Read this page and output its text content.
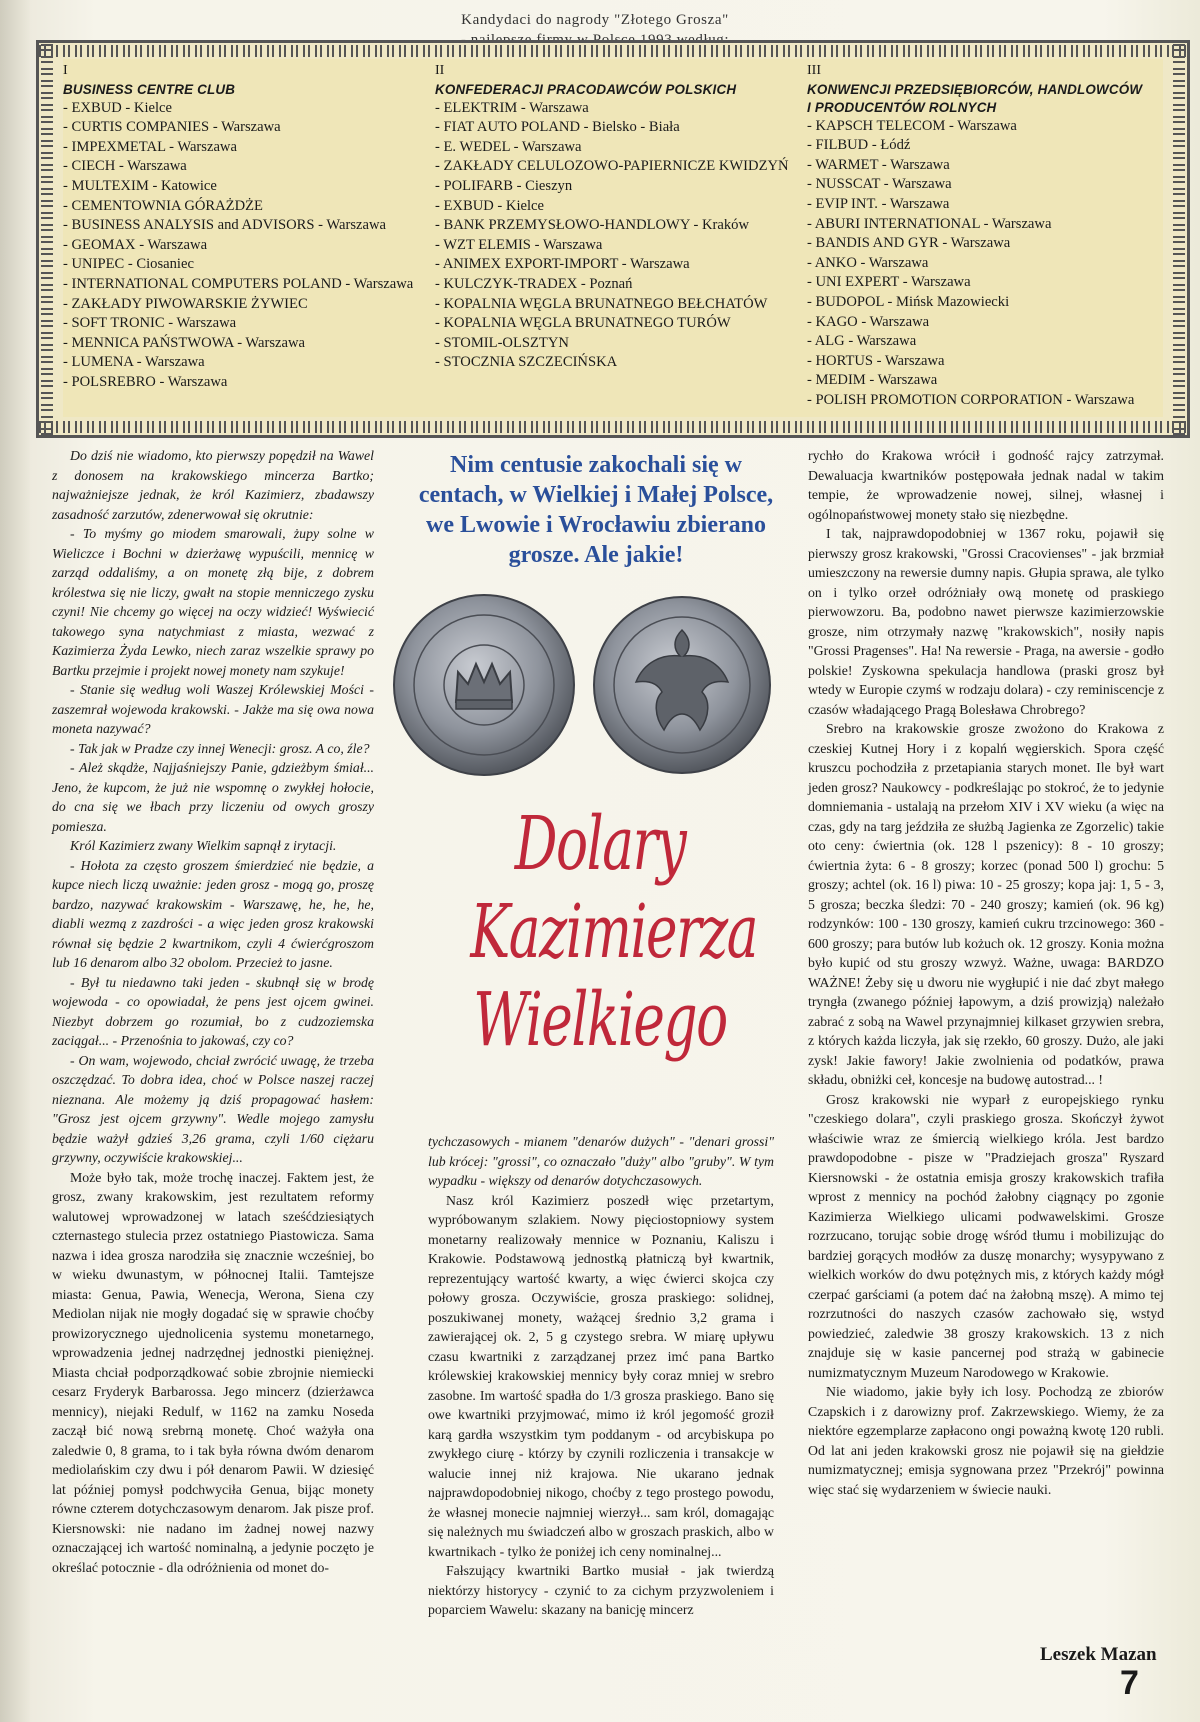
Kandydaci do nagrody "Złotego Grosza"
I
BUSINESS CENTRE CLUB
- EXBUD - Kielce
- CURTIS COMPANIES - Warszawa
- IMPEXMETAL - Warszawa
- CIECH - Warszawa
- MULTEXIM - Katowice
- CEMENTOWNIA GÓRAŻDŻE
- BUSINESS ANALYSIS and ADVISORS - Warszawa
- GEOMAX - Warszawa
- UNIPEC - Ciosaniec
- INTERNATIONAL COMPUTERS POLAND - Warszawa
- ZAKŁADY PIWOWARSKIE ŻYWIEC
- SOFT TRONIC - Warszawa
- MENNICA PAŃSTWOWA - Warszawa
- LUMENA - Warszawa
- POLSREBRO - Warszawa
II
KONFEDERACJI PRACODAWCÓW POLSKICH
- ELEKTRIM - Warszawa
- FIAT AUTO POLAND - Bielsko - Biała
- E. WEDEL - Warszawa
- ZAKŁADY CELULOZOWO-PAPIERNICZE KWIDZYŃ
- POLIFARB - Cieszyn
- EXBUD - Kielce
- BANK PRZEMYSŁOWO-HANDLOWY - Kraków
- WZT ELEMIS - Warszawa
- ANIMEX EXPORT-IMPORT - Warszawa
- KULCZYK-TRADEX - Poznań
- KOPALNIA WĘGLA BRUNATNEGO BEŁCHATÓW
- KOPALNIA WĘGLA BRUNATNEGO TURÓW
- STOMIL-OLSZTYN
- STOCZNIA SZCZECIŃSKA
III
KONWENCJI PRZEDSIĘBIORCÓW, HANDLOWCÓW
I PRODUCENTÓW ROLNYCH
- KAPSCH TELECOM - Warszawa
- FILBUD - Łódź
- WARMET - Warszawa
- NUSSCAT - Warszawa
- EVIP INT. - Warszawa
- ABURI INTERNATIONAL - Warszawa
- BANDIS AND GYR - Warszawa
- ANKO - Warszawa
- UNI EXPERT - Warszawa
- BUDOPOL - Mińsk Mazowiecki
- KAGO - Warszawa
- ALG - Warszawa
- HORTUS - Warszawa
- MEDIM - Warszawa
- POLISH PROMOTION CORPORATION - Warszawa

Do dziś nie wiadomo, kto pierwszy popędził na Wawel z donosem na krakowskiego mincerza Bartko; najważniejsze jednak, że król Kazimierz, zbadawszy zasadność zarzutów, zdenerwował się okrutnie:

- To myśmy go miodem smarowali, żupy solne w Wieliczce i Bochni w dzierżawę wypuścili, mennicę w zarząd oddaliśmy, a on monetę złą bije, z dobrem królestwa się nie liczy, gwałt na stopie menniczego zysku czyni! Nie chcemy go więcej na oczy widzieć! Wyświecić takowego syna natychmiast z miasta, wezwać z Kazimierza Żyda Lewko, niech zaraz wszelkie sprawy po Bartku przejmie i projekt nowej monety nam szykuje!

- Stanie się według woli Waszej Królewskiej Mości - zaszemrał wojewoda krakowski. - Jakże ma się owa nowa moneta nazywać?

- Tak jak w Pradze czy innej Wenecji: grosz. A co, źle?

- Ależ skądże, Najjaśniejszy Panie, gdzieżbym śmiał... Jeno, że kupcom, że już nie wspomnę o zwykłej hołocie, do cna się we łbach przy liczeniu od owych groszy pomiesza.

Król Kazimierz zwany Wielkim sapnął z irytacji.

- Hołota za często groszem śmierdzieć nie będzie, a kupce niech liczą uważnie: jeden grosz - mogą go, proszę bardzo, nazywać krakowskim - Warszawę, he, he, he, diabli wezmą z zazdrości - a więc jeden grosz krakowski równał się będzie 2 kwartnikom, czyli 4 ćwierćgroszom lub 16 denarom albo 32 obolom. Przecież to jasne.

- Był tu niedawno taki jeden - skubnął się w brodę wojewoda - co opowiadał, że pens jest ojcem gwinei. Niezbyt dobrzem go rozumiał, bo z cudzoziemska zaciągał... - Przenośnia to jakowaś, czy co?

- On wam, wojewodo, chciał zwrócić uwagę, że trzeba oszczędzać. To dobra idea, choć w Polsce naszej raczej nieznana. Ale możemy ją dziś propagować hasłem: "Grosz jest ojcem grzywny". Wedle mojego zamysłu będzie ważył gdzieś 3,26 grama, czyli 1/60 ciężaru grzywny, oczywiście krakowskiej...

Może było tak, może trochę inaczej. Faktem jest, że grosz, zwany krakowskim, jest rezultatem reformy walutowej wprowadzonej w latach sześćdziesiątych czternastego stulecia przez ostatniego Piastowicza. Sama nazwa i idea grosza narodziła się znacznie wcześniej, bo w wieku dwunastym, w północnej Italii. Tamtejsze miasta: Genua, Pawia, Wenecja, Werona, Siena czy Mediolan nijak nie mogły dogadać się w sprawie choćby prowizorycznego ujednolicenia systemu monetarnego, wprowadzenia jednej nadrzędnej jednostki pieniężnej. Miasta chciał podporządkować sobie zbrojnie niemiecki cesarz Fryderyk Barbarossa. Jego mincerz (dzierżawca mennicy), niejaki Redulf, w 1162 na zamku Noseda zaczął bić nową srebrną monetę. Choć ważyła ona zaledwie 0, 8 grama, to i tak była równa dwóm denarom mediolańskim czy dwu i pół denarom Pawii. W dziesięć lat później pomysł podchwyciła Genua, bijąc monety równe czterem dotychczasowym denarom. Jak pisze prof. Kiersnowski: nie nadano im żadnej nowej nazwy oznaczającej ich wartość nominalną, a jedynie poczęto je określać potocznie - dla odróżnienia od monet do-

Nim centusie zakochali się w centach, w Wielkiej i Małej Polsce, we Lwowie i Wrocławiu zbierano grosze. Ale jakie!
Dolary
Kazimierza
Wielkiego

tychczasowych - mianem "denarów dużych" - "denari grossi" lub krócej: "grossi", co oznaczało "duży" albo "gruby". W tym wypadku - większy od denarów dotychczasowych.

Nasz król Kazimierz poszedł więc przetartym, wypróbowanym szlakiem. Nowy pięciostopniowy system monetarny realizowały mennice w Poznaniu, Kaliszu i Krakowie. Podstawową jednostką płatniczą był kwartnik, reprezentujący wartość kwarty, a więc ćwierci skojca czy połowy grosza. Oczywiście, grosza praskiego: solidnej, poszukiwanej monety, ważącej średnio 3,2 grama i zawierającej ok. 2, 5 g czystego srebra. W miarę upływu czasu kwartniki z zarządzanej przez imć pana Bartko królewskiej krakowskiej mennicy były coraz mniej w srebro zasobne. Im wartość spadła do 1/3 grosza praskiego. Bano się owe kwartniki przyjmować, mimo iż król jegomość groził karą gardła wszystkim tym poddanym - od arcybiskupa po zwykłego ciurę - którzy by czynili rozliczenia i transakcje w walucie innej niż krajowa. Nie ukarano jednak najprawdopodobniej nikogo, choćby z tego prostego powodu, że własnej monecie najmniej wierzył... sam król, domagając się należnych mu świadczeń albo w groszach praskich, albo w kwartnikach - tylko że poniżej ich ceny nominalnej...

Fałszujący kwartniki Bartko musiał - jak twierdzą niektórzy historycy - czynić to za cichym przyzwoleniem i poparciem Wawelu: skazany na banicję mincerz

rychło do Krakowa wrócił i godność rajcy zatrzymał. Dewaluacja kwartników postępowała jednak nadal w takim tempie, że wprowadzenie nowej, silnej, własnej i ogólnopaństwowej monety stało się niezbędne.

I tak, najprawdopodobniej w 1367 roku, pojawił się pierwszy grosz krakowski, "Grossi Cracovienses" - jak brzmiał umieszczony na rewersie dumny napis. Głupia sprawa, ale tylko on i tylko orzeł odróżniały ową monetę od praskiego pierwowzoru. Ba, podobno nawet pierwsze kazimierzowskie grosze, nim otrzymały nazwę "krakowskich", nosiły napis "Grossi Pragenses". Ha! Na rewersie - Praga, na awersie - godło polskie! Zyskowna spekulacja handlowa (praski grosz był wtedy w Europie czymś w rodzaju dolara) - czy reminiscencje z czasów władającego Pragą Bolesława Chrobrego?

Srebro na krakowskie grosze zwożono do Krakowa z czeskiej Kutnej Hory i z kopalń węgierskich. Spora część kruszcu pochodziła z przetapiania starych monet. Ile był wart jeden grosz? Naukowcy - podkreślając po stokroć, że to jedynie domniemania - ustalają na przełom XIV i XV wieku (a więc na czas, gdy na targ jeździła ze służbą Jagienka ze Zgorzelic) takie oto ceny: ćwiertnia (ok. 128 l pszenicy): 8 - 10 groszy; ćwiertnia żyta: 6 - 8 groszy; korzec (ponad 500 l) grochu: 5 groszy; achtel (ok. 16 l) piwa: 10 - 25 groszy; kopa jaj: 1, 5 - 3, 5 grosza; beczka śledzi: 70 - 240 groszy; kamień (ok. 96 kg) rodzynków: 100 - 130 groszy, kamień cukru trzcinowego: 360 - 600 groszy; para butów lub kożuch ok. 12 groszy. Konia można było kupić od stu groszy wzwyż. Ważne, uwaga: BARDZO WAŻNE! Żeby się u dworu nie wygłupić i nie dać zbyt małego tryngła (zwanego później łapowym, a dziś prowizją) należało zabrać z sobą na Wawel przynajmniej kilkaset grzywien srebra, z których każda liczyła, jak się rzekło, 60 groszy. Dużo, ale jaki zysk! Jakie fawory! Jakie zwolnienia od podatków, prawa składu, obniżki ceł, koncesje na budowę autostrad... !

Grosz krakowski nie wyparł z europejskiego rynku "czeskiego dolara", czyli praskiego grosza. Skończył żywot właściwie wraz ze śmiercią wielkiego króla. Jest bardzo prawdopodobne - pisze w "Pradziejach grosza" Ryszard Kiersnowski - że ostatnia emisja groszy krakowskich trafiła wprost z mennicy na pochód żałobny ciągnący po zgonie Kazimierza Wielkiego ulicami podwawelskimi. Grosze rozrzucano, torując sobie drogę wśród tłumu i mobilizując do bardziej gorących modłów za duszę monarchy; wysypywano z wielkich worków do dwu potężnych mis, z których każdy mógł czerpać garściami (a potem dać na żałobną mszę). A mimo tej rozrzutności do naszych czasów zachowało się, wstyd powiedzieć, zaledwie 38 groszy krakowskich. 13 z nich znajduje się w kasie pancernej pod strażą w gabinecie numizmatycznym Muzeum Narodowego w Krakowie.

Nie wiadomo, jakie były ich losy. Pochodzą ze zbiorów Czapskich i z darowizny prof. Zakrzewskiego. Wiemy, że za niektóre egzemplarze zapłacono ongi poważną kwotę 120 rubli. Od lat ani jeden krakowski grosz nie pojawił się na giełdzie numizmatycznej; emisja sygnowana przez "Przekrój" powinna więc stać się wydarzeniem w świecie nauki.

Leszek Mazan
7
